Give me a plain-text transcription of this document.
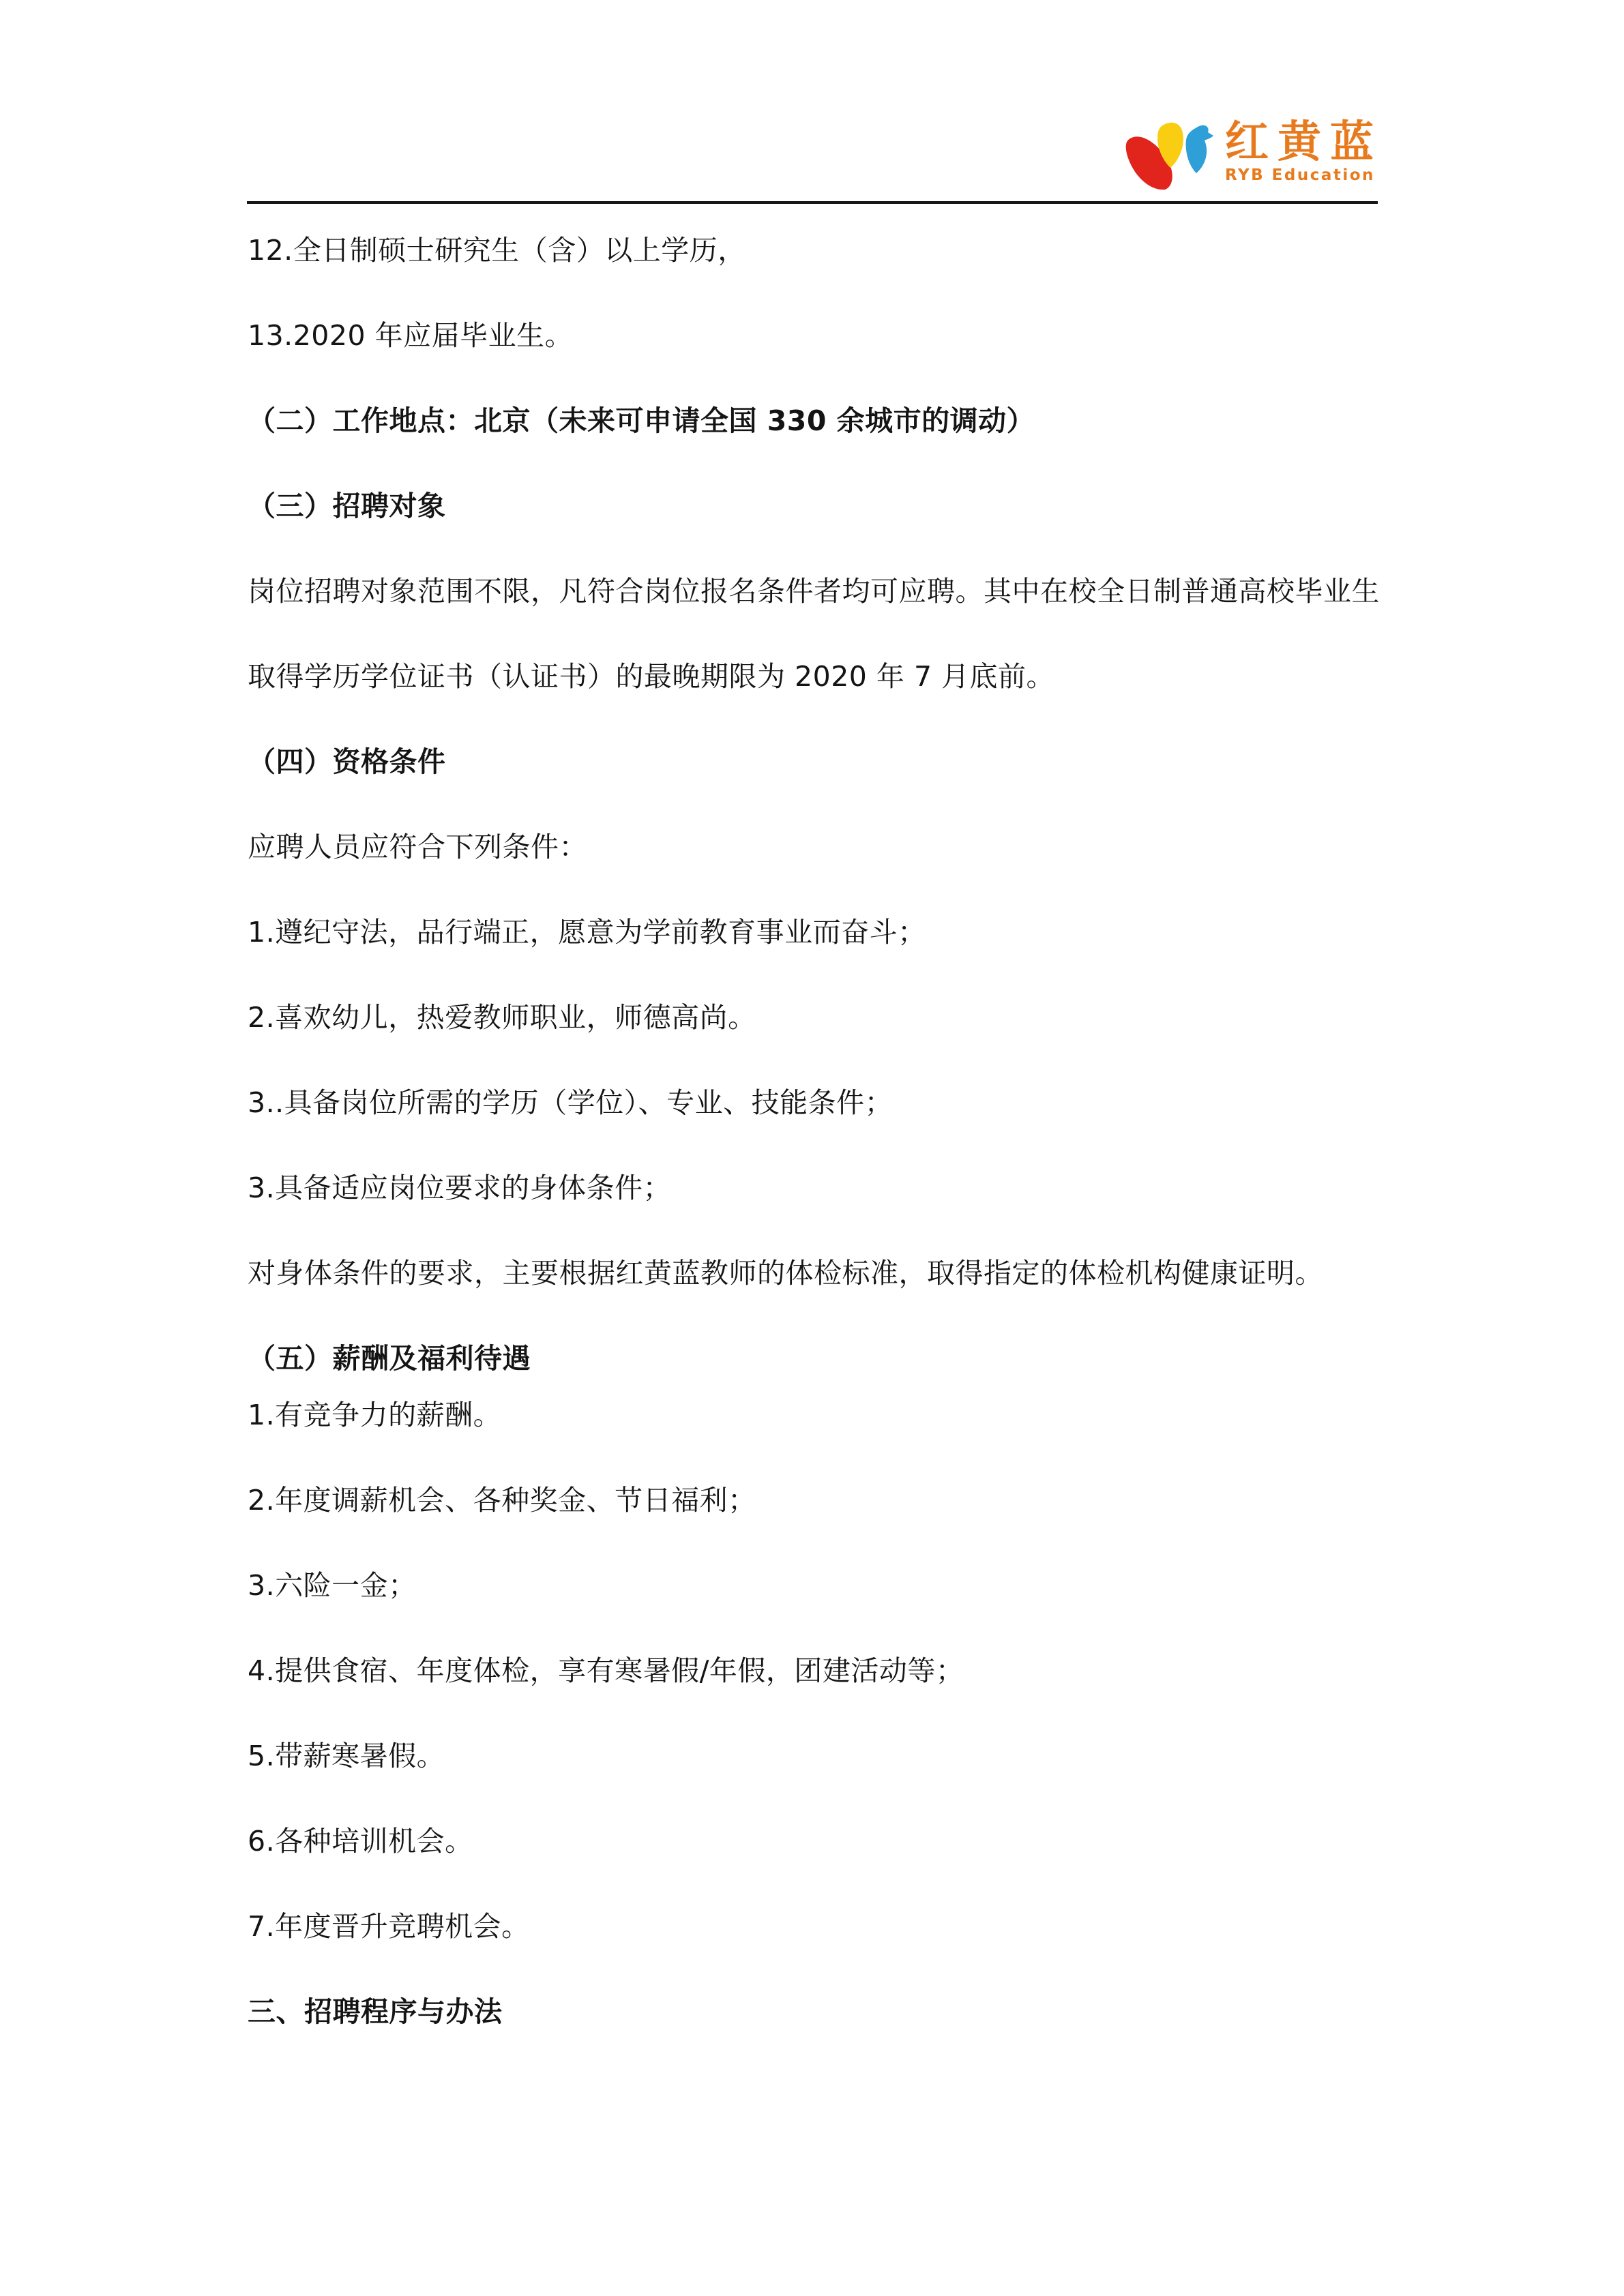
红黄蓝
RYB Education

12.全日制硕士研究生（含）以上学历，

13.2020 年应届毕业生。

（二）工作地点：北京（未来可申请全国 330 余城市的调动）

（三）招聘对象

岗位招聘对象范围不限，凡符合岗位报名条件者均可应聘。其中在校全日制普通高校毕业生

取得学历学位证书（认证书）的最晚期限为 2020 年 7 月底前。

（四）资格条件

应聘人员应符合下列条件：

1.遵纪守法，品行端正，愿意为学前教育事业而奋斗；

2.喜欢幼儿，热爱教师职业，师德高尚。

3..具备岗位所需的学历（学位）、专业、技能条件；

3.具备适应岗位要求的身体条件；

对身体条件的要求，主要根据红黄蓝教师的体检标准，取得指定的体检机构健康证明。

（五）薪酬及福利待遇

1.有竞争力的薪酬。

2.年度调薪机会、各种奖金、节日福利；

3.六险一金；

4.提供食宿、年度体检，享有寒暑假/年假，团建活动等；

5.带薪寒暑假。

6.各种培训机会。

7.年度晋升竞聘机会。

三、招聘程序与办法
